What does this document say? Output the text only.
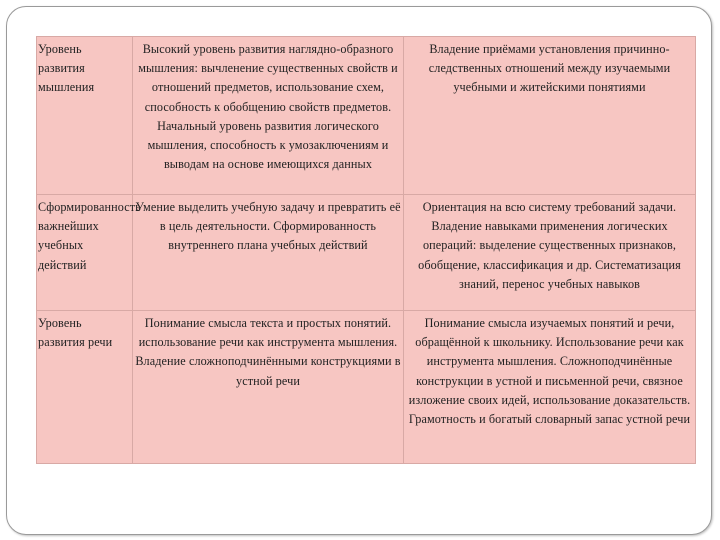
Уровень развития мышления	Высокий уровень развития наглядно-образного мышления: вычленение существенных свойств и отношений предметов, использование схем, способность к обобщению свойств предметов. Начальный уровень развития логического мышления, способность к умозаключениям и выводам на основе имеющихся данных	Владение приёмами установления причинно-следственных отношений между изучаемыми учебными и житейскими понятиями
Сформированность важнейших учебных действий	Умение выделить учебную задачу и превратить её в цель деятельности. Сформированность внутреннего плана учебных действий	Ориентация на всю систему требований задачи. Владение навыками применения логических операций: выделение существенных признаков, обобщение, классификация и др. Систематизация знаний, перенос учебных навыков
Уровень развития речи	Понимание смысла текста и простых понятий. использование речи как инструмента мышления. Владение сложноподчинёнными конструкциями в устной речи	Понимание смысла изучаемых понятий и речи, обращённой к школьнику. Использование речи как инструмента мышления. Сложноподчинённые конструкции в устной и письменной речи, связное изложение своих идей, использование доказательств. Грамотность и богатый словарный запас устной речи
